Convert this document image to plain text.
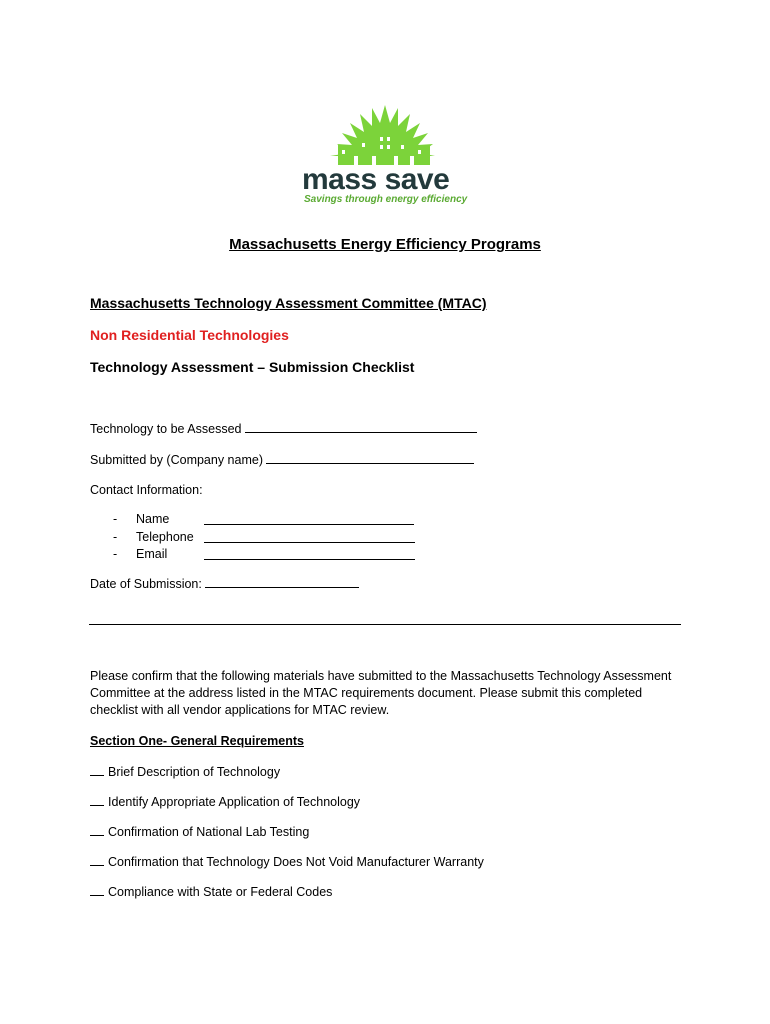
mass save
Savings through energy efficiency
Massachusetts Energy Efficiency Programs
Massachusetts Technology Assessment Committee (MTAC)
Non Residential Technologies
Technology Assessment – Submission Checklist
Technology to be Assessed
Submitted by (Company name)
Contact Information:
- Name
- Telephone
- Email
Date of Submission:
Please confirm that the following materials have submitted to the Massachusetts Technology Assessment
Committee at the address listed in the MTAC requirements document. Please submit this completed
checklist with all vendor applications for MTAC review.
Section One- General Requirements
Brief Description of Technology
Identify Appropriate Application of Technology
Confirmation of National Lab Testing
Confirmation that Technology Does Not Void Manufacturer Warranty
Compliance with State or Federal Codes
